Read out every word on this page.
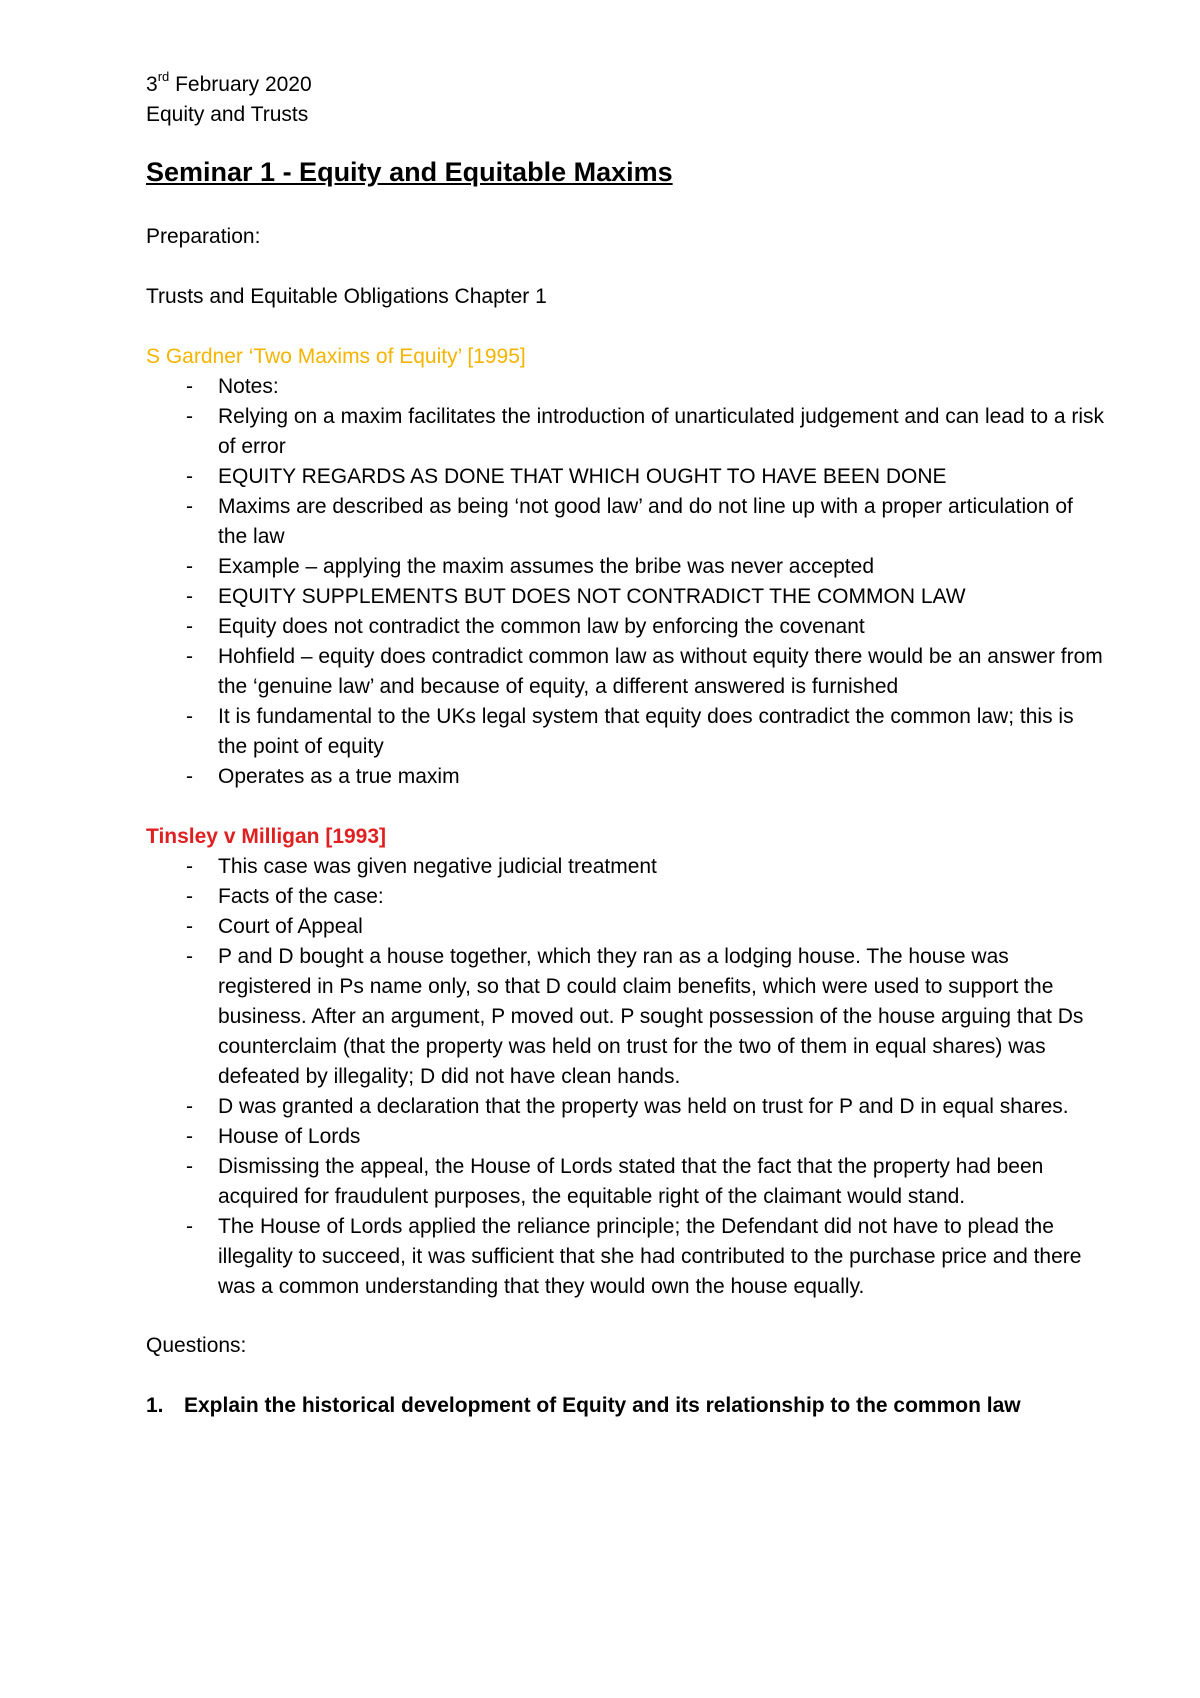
3rd February 2020

Equity and Trusts

Seminar 1 - Equity and Equitable Maxims

Preparation:

Trusts and Equitable Obligations Chapter 1

S Gardner ‘Two Maxims of Equity’ [1995]

- Notes:
- Relying on a maxim facilitates the introduction of unarticulated judgement and can lead to a risk of error
- EQUITY REGARDS AS DONE THAT WHICH OUGHT TO HAVE BEEN DONE
- Maxims are described as being ‘not good law’ and do not line up with a proper articulation of the law
- Example – applying the maxim assumes the bribe was never accepted
- EQUITY SUPPLEMENTS BUT DOES NOT CONTRADICT THE COMMON LAW
- Equity does not contradict the common law by enforcing the covenant
- Hohfield – equity does contradict common law as without equity there would be an answer from the ‘genuine law’ and because of equity, a different answered is furnished
- It is fundamental to the UKs legal system that equity does contradict the common law; this is the point of equity
- Operates as a true maxim

Tinsley v Milligan [1993]

- This case was given negative judicial treatment
- Facts of the case:
- Court of Appeal
- P and D bought a house together, which they ran as a lodging house. The house was registered in Ps name only, so that D could claim benefits, which were used to support the business. After an argument, P moved out. P sought possession of the house arguing that Ds counterclaim (that the property was held on trust for the two of them in equal shares) was defeated by illegality; D did not have clean hands.
- D was granted a declaration that the property was held on trust for P and D in equal shares.
- House of Lords
- Dismissing the appeal, the House of Lords stated that the fact that the property had been acquired for fraudulent purposes, the equitable right of the claimant would stand.
- The House of Lords applied the reliance principle; the Defendant did not have to plead the illegality to succeed, it was sufficient that she had contributed to the purchase price and there was a common understanding that they would own the house equally.

Questions:

1. Explain the historical development of Equity and its relationship to the common law
